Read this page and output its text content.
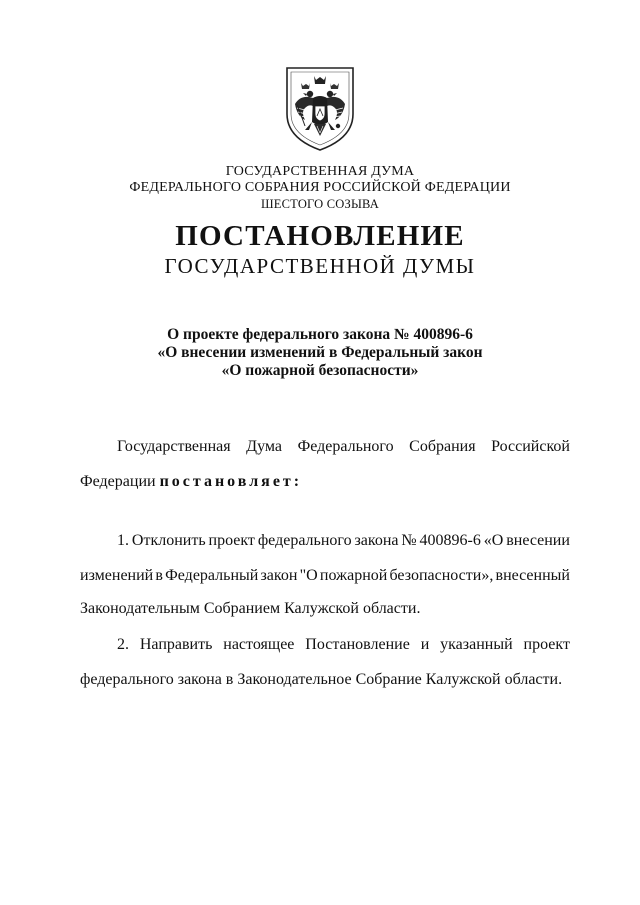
ГОСУДАРСТВЕННАЯ ДУМА
ФЕДЕРАЛЬНОГО СОБРАНИЯ РОССИЙСКОЙ ФЕДЕРАЦИИ
ШЕСТОГО СОЗЫВА
ПОСТАНОВЛЕНИЕ
ГОСУДАРСТВЕННОЙ ДУМЫ
О проекте федерального закона № 400896-6
«О внесении изменений в Федеральный закон
«О пожарной безопасности»
Государственная Дума Федерального Собрания Российской
Федерации постановляет:
1. Отклонить проект федерального закона № 400896-6 «О внесении
изменений в Федеральный закон "О пожарной безопасности», внесенный
Законодательным Собранием Калужской области.
2. Направить настоящее Постановление и указанный проект
федерального закона в Законодательное Собрание Калужской области.
